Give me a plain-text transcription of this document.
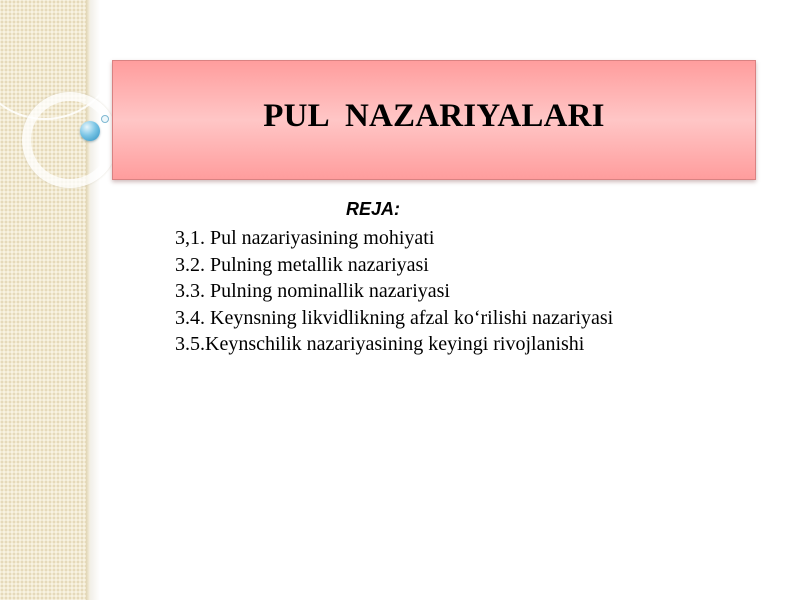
PUL  NAZARIYALARI
REJA:
3,1. Pul nazariyasining mohiyati
3.2. Pulning metallik nazariyasi
3.3. Pulning nominallik nazariyasi
3.4. Keynsning likvidlikning afzal ko‘rilishi nazariyasi
3.5.Keynschilik nazariyasining keyingi rivojlanishi
